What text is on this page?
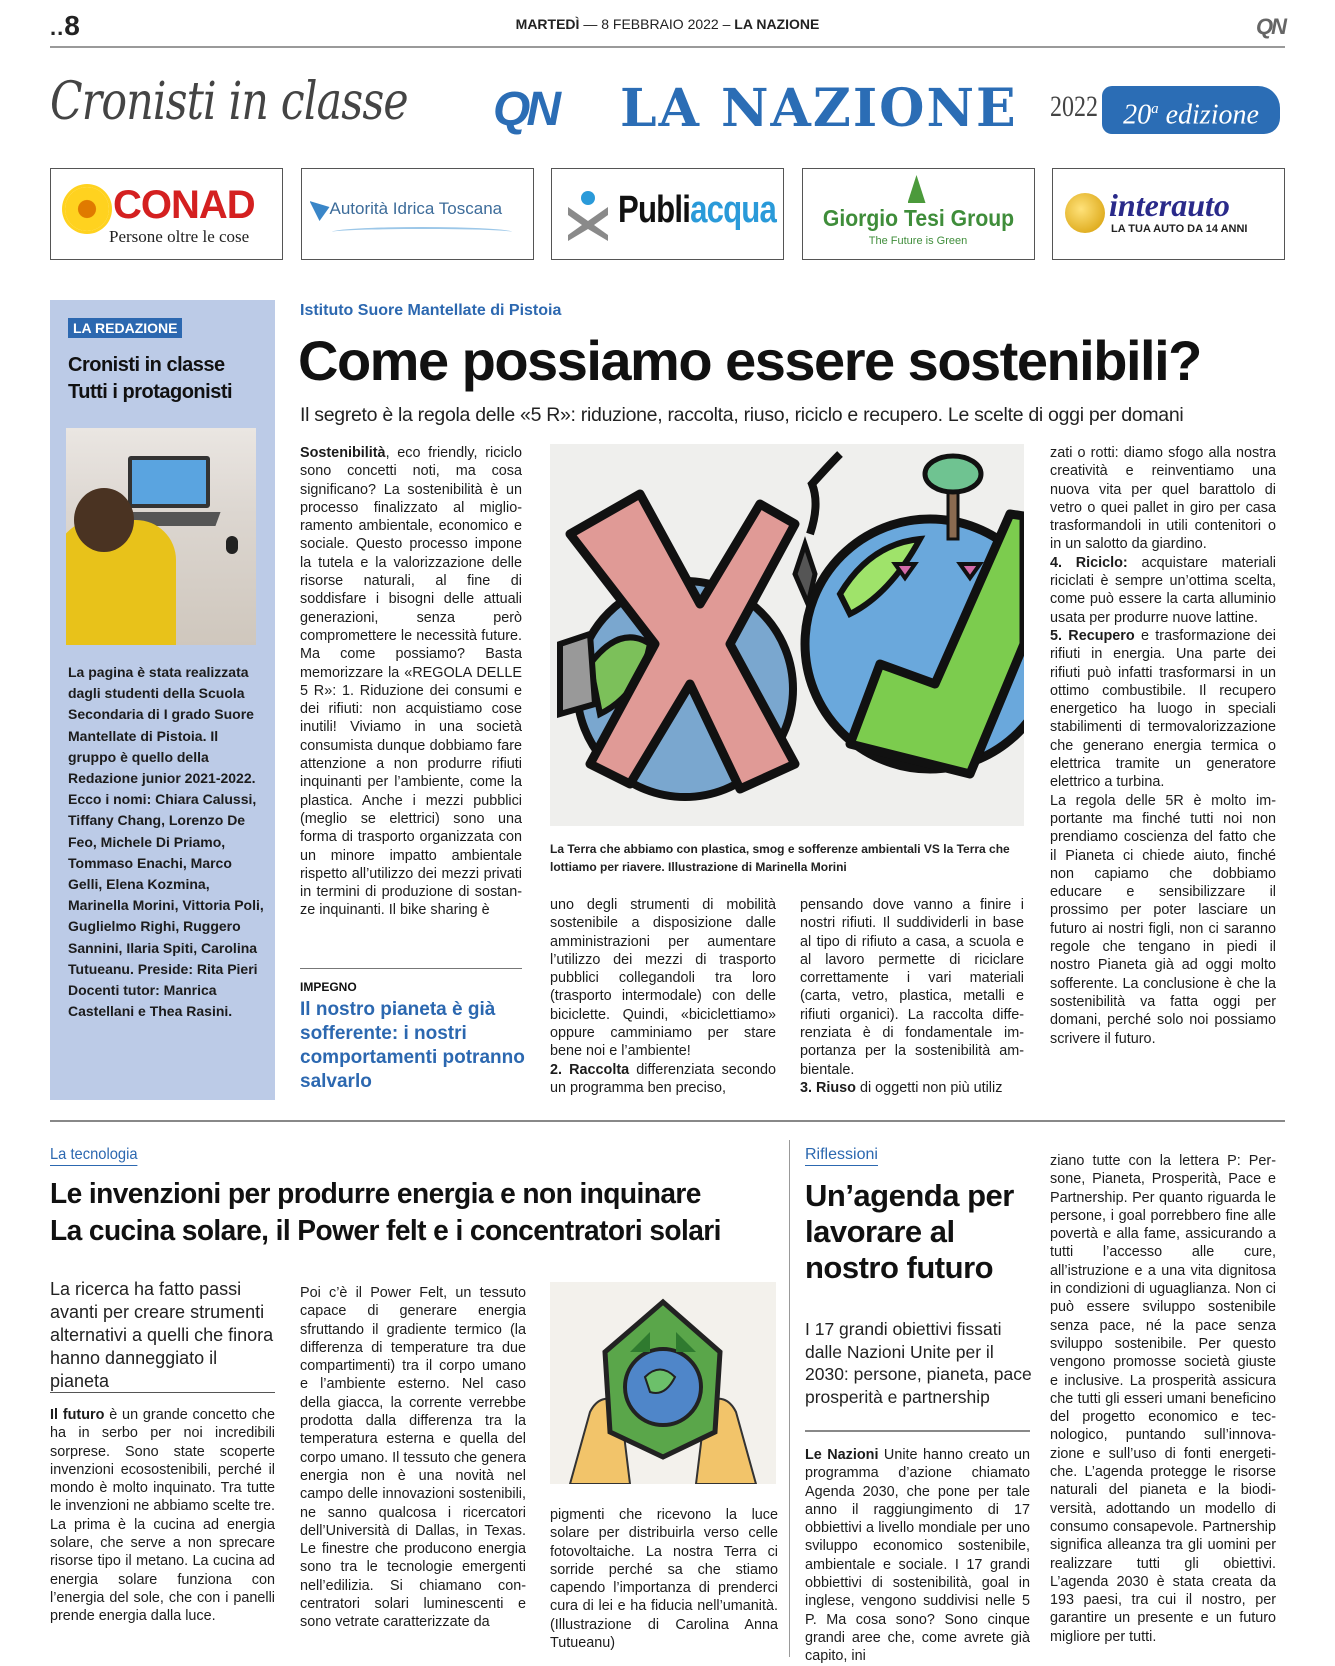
..8	MARTEDÌ — 8 FEBBRAIO 2022 – LA NAZIONE	QN
Cronisti in classe QN LA NAZIONE 2022 20$^a$ edizione
CONAD
Persone oltre le cose
Autorità Idrica Toscana	Publiacqua	Giorgio Tesi Group
The Future is Green
interauto
LA TUA AUTO DA 14 ANNI
LA REDAZIONE
Cronisti in classe
Tutti i protagonisti
La pagina è stata realizzata dagli studenti della Scuola Secondaria di I grado Suore Mantellate di Pistoia. Il gruppo è quello della Redazione junior 2021-2022. Ecco i nomi: Chiara Calussi, Tiffany Chang, Lorenzo De Feo, Michele Di Priamo, Tommaso Enachi, Marco Gelli, Elena Kozmina, Marinella Morini, Vittoria Poli, Guglielmo Righi, Ruggero Sannini, Ilaria Spiti, Carolina Tutueanu. Preside: Rita Pieri Docenti tutor: Manrica Castellani e Thea Rasini.
Istituto Suore Mantellate di Pistoia
Come possiamo essere sostenibili?
Il segreto è la regola delle «5 R»: riduzione, raccolta, riuso, riciclo e recupero. Le scelte di oggi per domani
Sostenibilità, eco friendly, riciclo sono concetti noti, ma cosa significano? La sostenibilità è un processo finalizzato al miglioramento ambientale, economico e sociale. Questo processo impone la tutela e la valorizzazione delle risorse naturali, al fine di soddisfare i bisogni delle attuali generazioni, senza però compromettere le necessità future. Ma come possiamo? Basta memorizzare la «REGOLA DELLE 5 R»: 1. Riduzione dei consumi e dei rifiuti: non acquistiamo cose inutili! Viviamo in una società consumista dunque dobbiamo fare attenzione a non produrre rifiuti inquinanti per l’ambiente, come la plastica. Anche i mezzi pubblici (meglio se elettrici) sono una forma di trasporto organizzata con un minore impatto ambientale rispetto all’utilizzo dei mezzi privati in termini di produzione di sostanze inquinanti. Il bike sharing è
La Terra che abbiamo con plastica, smog e sofferenze ambientali VS la Terra che lottiamo per riavere. Illustrazione di Marinella Morini
uno degli strumenti di mobilità sostenibile a disposizione dalle amministrazioni per aumentare l’utilizzo dei mezzi di trasporto pubblici collegandoli tra loro (trasporto intermodale) con delle biciclette. Quindi, «biciclettiamo» oppure camminiamo per stare bene noi e l’ambiente!
2. Raccolta differenziata secondo un programma ben preciso,
pensando dove vanno a finire i nostri rifiuti. Il suddividerli in base al tipo di rifiuto a casa, a scuola e al lavoro permette di riciclare correttamente i vari materiali (carta, vetro, plastica, metalli e rifiuti organici). La raccolta differenziata è di fondamentale importanza per la sostenibilità ambientale.
3. Riuso di oggetti non più utiliz
zati o rotti: diamo sfogo alla nostra creatività e reinventiamo una nuova vita per quel barattolo di vetro o quei pallet in giro per casa trasformandoli in utili contenitori o in un salotto da giardino.
4. Riciclo: acquistare materiali riciclati è sempre un’ottima scelta, come può essere la carta alluminio usata per produrre nuove lattine.
5. Recupero e trasformazione dei rifiuti in energia. Una parte dei rifiuti può infatti trasformarsi in un ottimo combustibile. Il recupero energetico ha luogo in speciali stabilimenti di termovalorizzazione che generano energia termica o elettrica tramite un generatore elettrico a turbina.
La regola delle 5R è molto importante ma finché tutti noi non prendiamo coscienza del fatto che il Pianeta ci chiede aiuto, finché non capiamo che dobbiamo educare e sensibilizzare il prossimo per poter lasciare un futuro ai nostri figli, non ci saranno regole che tengano in piedi il nostro Pianeta già ad oggi molto sofferente. La conclusione è che la sostenibilità va fatta oggi per domani, perché solo noi possiamo scrivere il futuro.
IMPEGNO
Il nostro pianeta è già sofferente: i nostri comportamenti potranno salvarlo
La tecnologia
Le invenzioni per produrre energia e non inquinare
La cucina solare, il Power felt e i concentratori solari
La ricerca ha fatto passi avanti per creare strumenti alternativi a quelli che finora hanno danneggiato il pianeta
Il futuro è un grande concetto che ha in serbo per noi incredibili sorprese. Sono state scoperte invenzioni ecosostenibili, perché il mondo è molto inquinato. Tra tutte le invenzioni ne abbiamo scelte tre. La prima è la cucina ad energia solare, che serve a non sprecare risorse tipo il metano. La cucina ad energia solare funziona con l’energia del sole, che con i panelli prende energia dalla luce.
Poi c’è il Power Felt, un tessuto capace di generare energia sfruttando il gradiente termico (la differenza di temperature tra due compartimenti) tra il corpo umano e l’ambiente esterno. Nel caso della giacca, la corrente verrebbe prodotta dalla differenza tra la temperatura esterna e quella del corpo umano. Il tessuto che genera energia non è una novità nel campo delle innovazioni sostenibili, ne sanno qualcosa i ricercatori dell’Università di Dallas, in Texas. Le finestre che producono energia sono tra le tecnologie emergenti nell’edilizia. Si chiamano concentratori solari luminescenti e sono vetrate caratterizzate da
pigmenti che ricevono la luce solare per distribuirla verso celle fotovoltaiche. La nostra Terra ci sorride perché sa che stiamo capendo l’importanza di prenderci cura di lei e ha fiducia nell’umanità. (Illustrazione di Carolina Anna Tutueanu)
Riflessioni
Un’agenda per lavorare al nostro futuro
I 17 grandi obiettivi fissati dalle Nazioni Unite per il 2030: persone, pianeta, pace prosperità e partnership
Le Nazioni Unite hanno creato un programma d’azione chiamato Agenda 2030, che pone per tale anno il raggiungimento di 17 obbiettivi a livello mondiale per uno sviluppo economico sostenibile, ambientale e sociale. I 17 grandi obbiettivi di sostenibilità, goal in inglese, vengono suddivisi nelle 5 P. Ma cosa sono? Sono cinque grandi aree che, come avrete già capito, ini
ziano tutte con la lettera P: Persone, Pianeta, Prosperità, Pace e Partnership. Per quanto riguarda le persone, i goal porrebbero fine alle povertà e alla fame, assicurando a tutti l’accesso alle cure, all’istruzione e a una vita dignitosa in condizioni di uguaglianza. Non ci può essere sviluppo sostenibile senza pace, né la pace senza sviluppo sostenibile. Per questo vengono promosse società giuste e inclusive. La prosperità assicura che tutti gli esseri umani beneficino del progetto economico e tecnologico, puntando sull’innovazione e sull’uso di fonti energetiche. L’agenda protegge le risorse naturali del pianeta e la biodiversità, adottando un modello di consumo consapevole. Partnership significa alleanza tra gli uomini per realizzare tutti gli obiettivi. L’agenda 2030 è stata creata da 193 paesi, tra cui il nostro, per garantire un presente e un futuro migliore per tutti.
